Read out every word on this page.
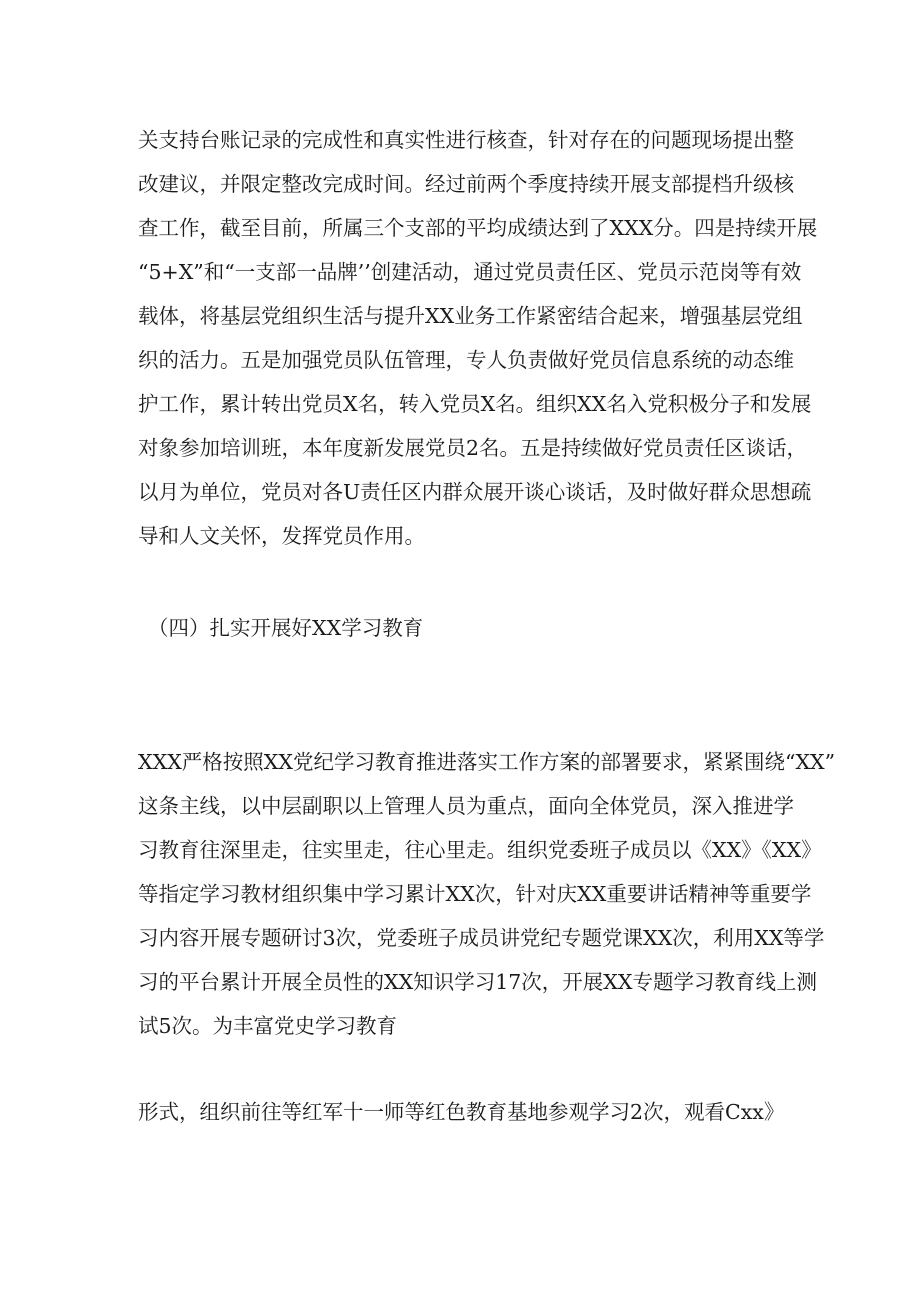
关支持台账记录的完成性和真实性进行核查，针对存在的问题现场提出整
改建议，并限定整改完成时间。经过前两个季度持续开展支部提档升级核
查工作，截至目前，所属三个支部的平均成绩达到了XXX分。四是持续开展
“5+X”和“一支部一品牌’’创建活动，通过党员责任区、党员示范岗等有效
载体，将基层党组织生活与提升XX业务工作紧密结合起来，增强基层党组
织的活力。五是加强党员队伍管理，专人负责做好党员信息系统的动态维
护工作，累计转出党员X名，转入党员X名。组织XX名入党积极分子和发展
对象参加培训班，本年度新发展党员2名。五是持续做好党员责任区谈话，
以月为单位，党员对各U责任区内群众展开谈心谈话，及时做好群众思想疏
导和人文关怀，发挥党员作用。
（四）扎实开展好XX学习教育
XXX严格按照XX党纪学习教育推进落实工作方案的部署要求，紧紧围绕“XX”
这条主线，以中层副职以上管理人员为重点，面向全体党员，深入推进学
习教育往深里走，往实里走，往心里走。组织党委班子成员以《XX》《XX》
等指定学习教材组织集中学习累计XX次，针对庆XX重要讲话精神等重要学
习内容开展专题研讨3次，党委班子成员讲党纪专题党课XX次，利用XX等学
习的平台累计开展全员性的XX知识学习17次，开展XX专题学习教育线上测
试5次。为丰富党史学习教育
形式，组织前往等红军十一师等红色教育基地参观学习2次，观看Cxx》
